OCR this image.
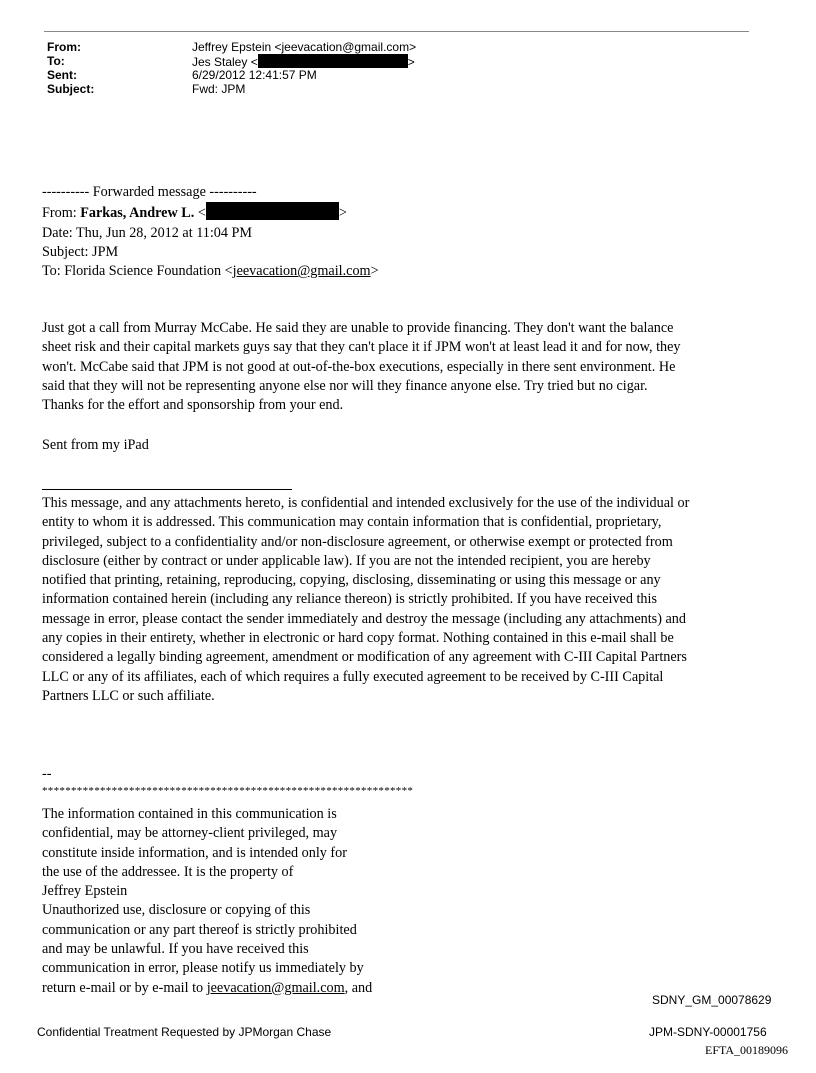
From:	Jeffrey Epstein <jeevacation@gmail.com>
To:	Jes Staley <	>
Sent:	6/29/2012 12:41:57 PM
Subject:	Fwd: JPM
---------- Forwarded message ----------
From: Farkas, Andrew L. <	>
Date: Thu, Jun 28, 2012 at 11:04 PM
Subject: JPM
To: Florida Science Foundation <jeevacation@gmail.com>
Just got a call from Murray McCabe. He said they are unable to provide financing. They don't want the balance
sheet risk and their capital markets guys say that they can't place it if JPM won't at least lead it and for now, they
won't. McCabe said that JPM is not good at out-of-the-box executions, especially in there sent environment. He
said that they will not be representing anyone else nor will they finance anyone else. Try tried but no cigar.
Thanks for the effort and sponsorship from your end.
Sent from my iPad
This message, and any attachments hereto, is confidential and intended exclusively for the use of the individual or
entity to whom it is addressed. This communication may contain information that is confidential, proprietary,
privileged, subject to a confidentiality and/or non-disclosure agreement, or otherwise exempt or protected from
disclosure (either by contract or under applicable law). If you are not the intended recipient, you are hereby
notified that printing, retaining, reproducing, copying, disclosing, disseminating or using this message or any
information contained herein (including any reliance thereon) is strictly prohibited. If you have received this
message in error, please contact the sender immediately and destroy the message (including any attachments) and
any copies in their entirety, whether in electronic or hard copy format. Nothing contained in this e-mail shall be
considered a legally binding agreement, amendment or modification of any agreement with C-III Capital Partners
LLC or any of its affiliates, each of which requires a fully executed agreement to be received by C-III Capital
Partners LLC or such affiliate.
--
****************************************************************
The information contained in this communication is
confidential, may be attorney-client privileged, may
constitute inside information, and is intended only for
the use of the addressee. It is the property of
Jeffrey Epstein
Unauthorized use, disclosure or copying of this
communication or any part thereof is strictly prohibited
and may be unlawful. If you have received this
communication in error, please notify us immediately by
return e-mail or by e-mail to jeevacation@gmail.com, and
SDNY_GM_00078629
Confidential Treatment Requested by JPMorgan Chase	JPM-SDNY-00001756
EFTA_00189096
